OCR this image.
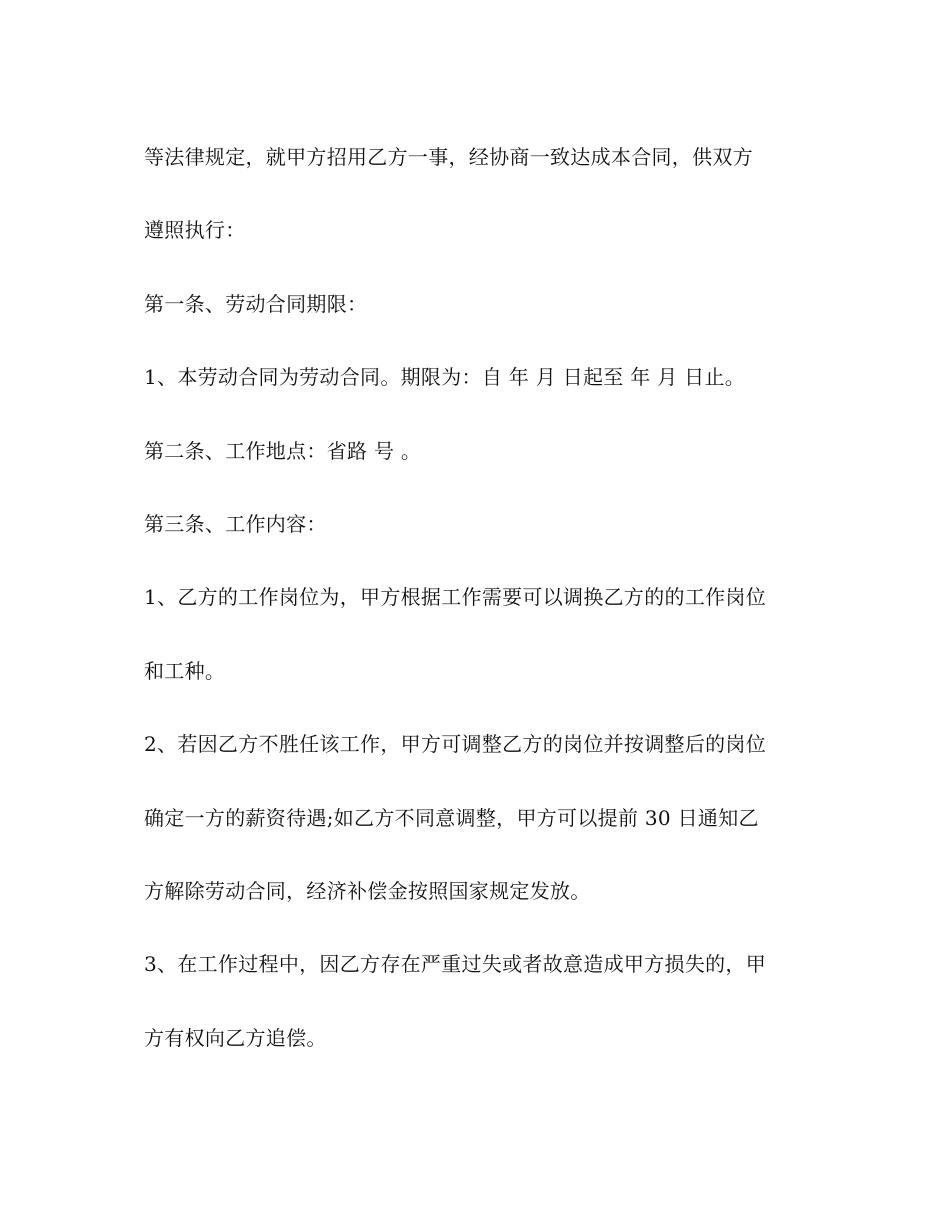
等法律规定，就甲方招用乙方一事，经协商一致达成本合同，供双方
遵照执行：
第一条、劳动合同期限：
1、本劳动合同为劳动合同。期限为：自 年 月 日起至 年 月 日止。
第二条、工作地点：省路 号 。
第三条、工作内容：
1、乙方的工作岗位为，甲方根据工作需要可以调换乙方的的工作岗位
和工种。
2、若因乙方不胜任该工作，甲方可调整乙方的岗位并按调整后的岗位
确定一方的薪资待遇;如乙方不同意调整，甲方可以提前 30 日通知乙
方解除劳动合同，经济补偿金按照国家规定发放。
3、在工作过程中，因乙方存在严重过失或者故意造成甲方损失的，甲
方有权向乙方追偿。
